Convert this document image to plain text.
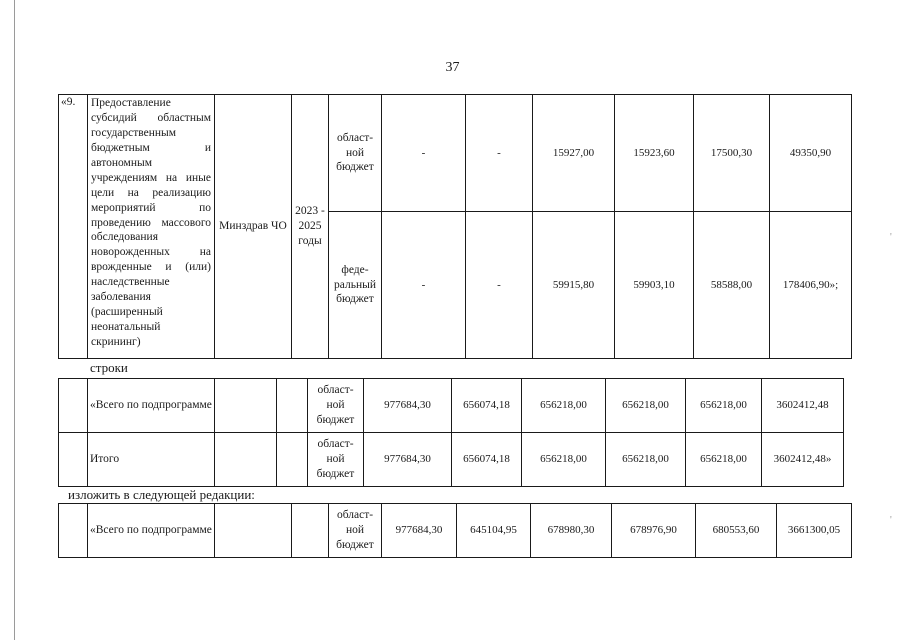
37
'
'
«9.	Предоставление субсидий областным государственным бюджетным и автономным учреждениям на иные цели на реализацию мероприятий по проведению массового обследования новорожденных на врожденные и (или) наследственные заболевания (расширенный неонатальный скрининг)	Минздрав ЧО	2023 - 2025 годы	област-ной бюджет	-	-	15927,00	15923,60	17500,30	49350,90
				феде-ральный бюджет	-	-	59915,80	59903,10	58588,00	178406,90»;
строки
	«Всего по подпрограмме			област-ной бюджет	977684,30	656074,18	656218,00	656218,00	656218,00	3602412,48
	Итого			област-ной бюджет	977684,30	656074,18	656218,00	656218,00	656218,00	3602412,48»
изложить в следующей редакции:
	«Всего по подпрограмме			област-ной бюджет	977684,30	645104,95	678980,30	678976,90	680553,60	3661300,05
